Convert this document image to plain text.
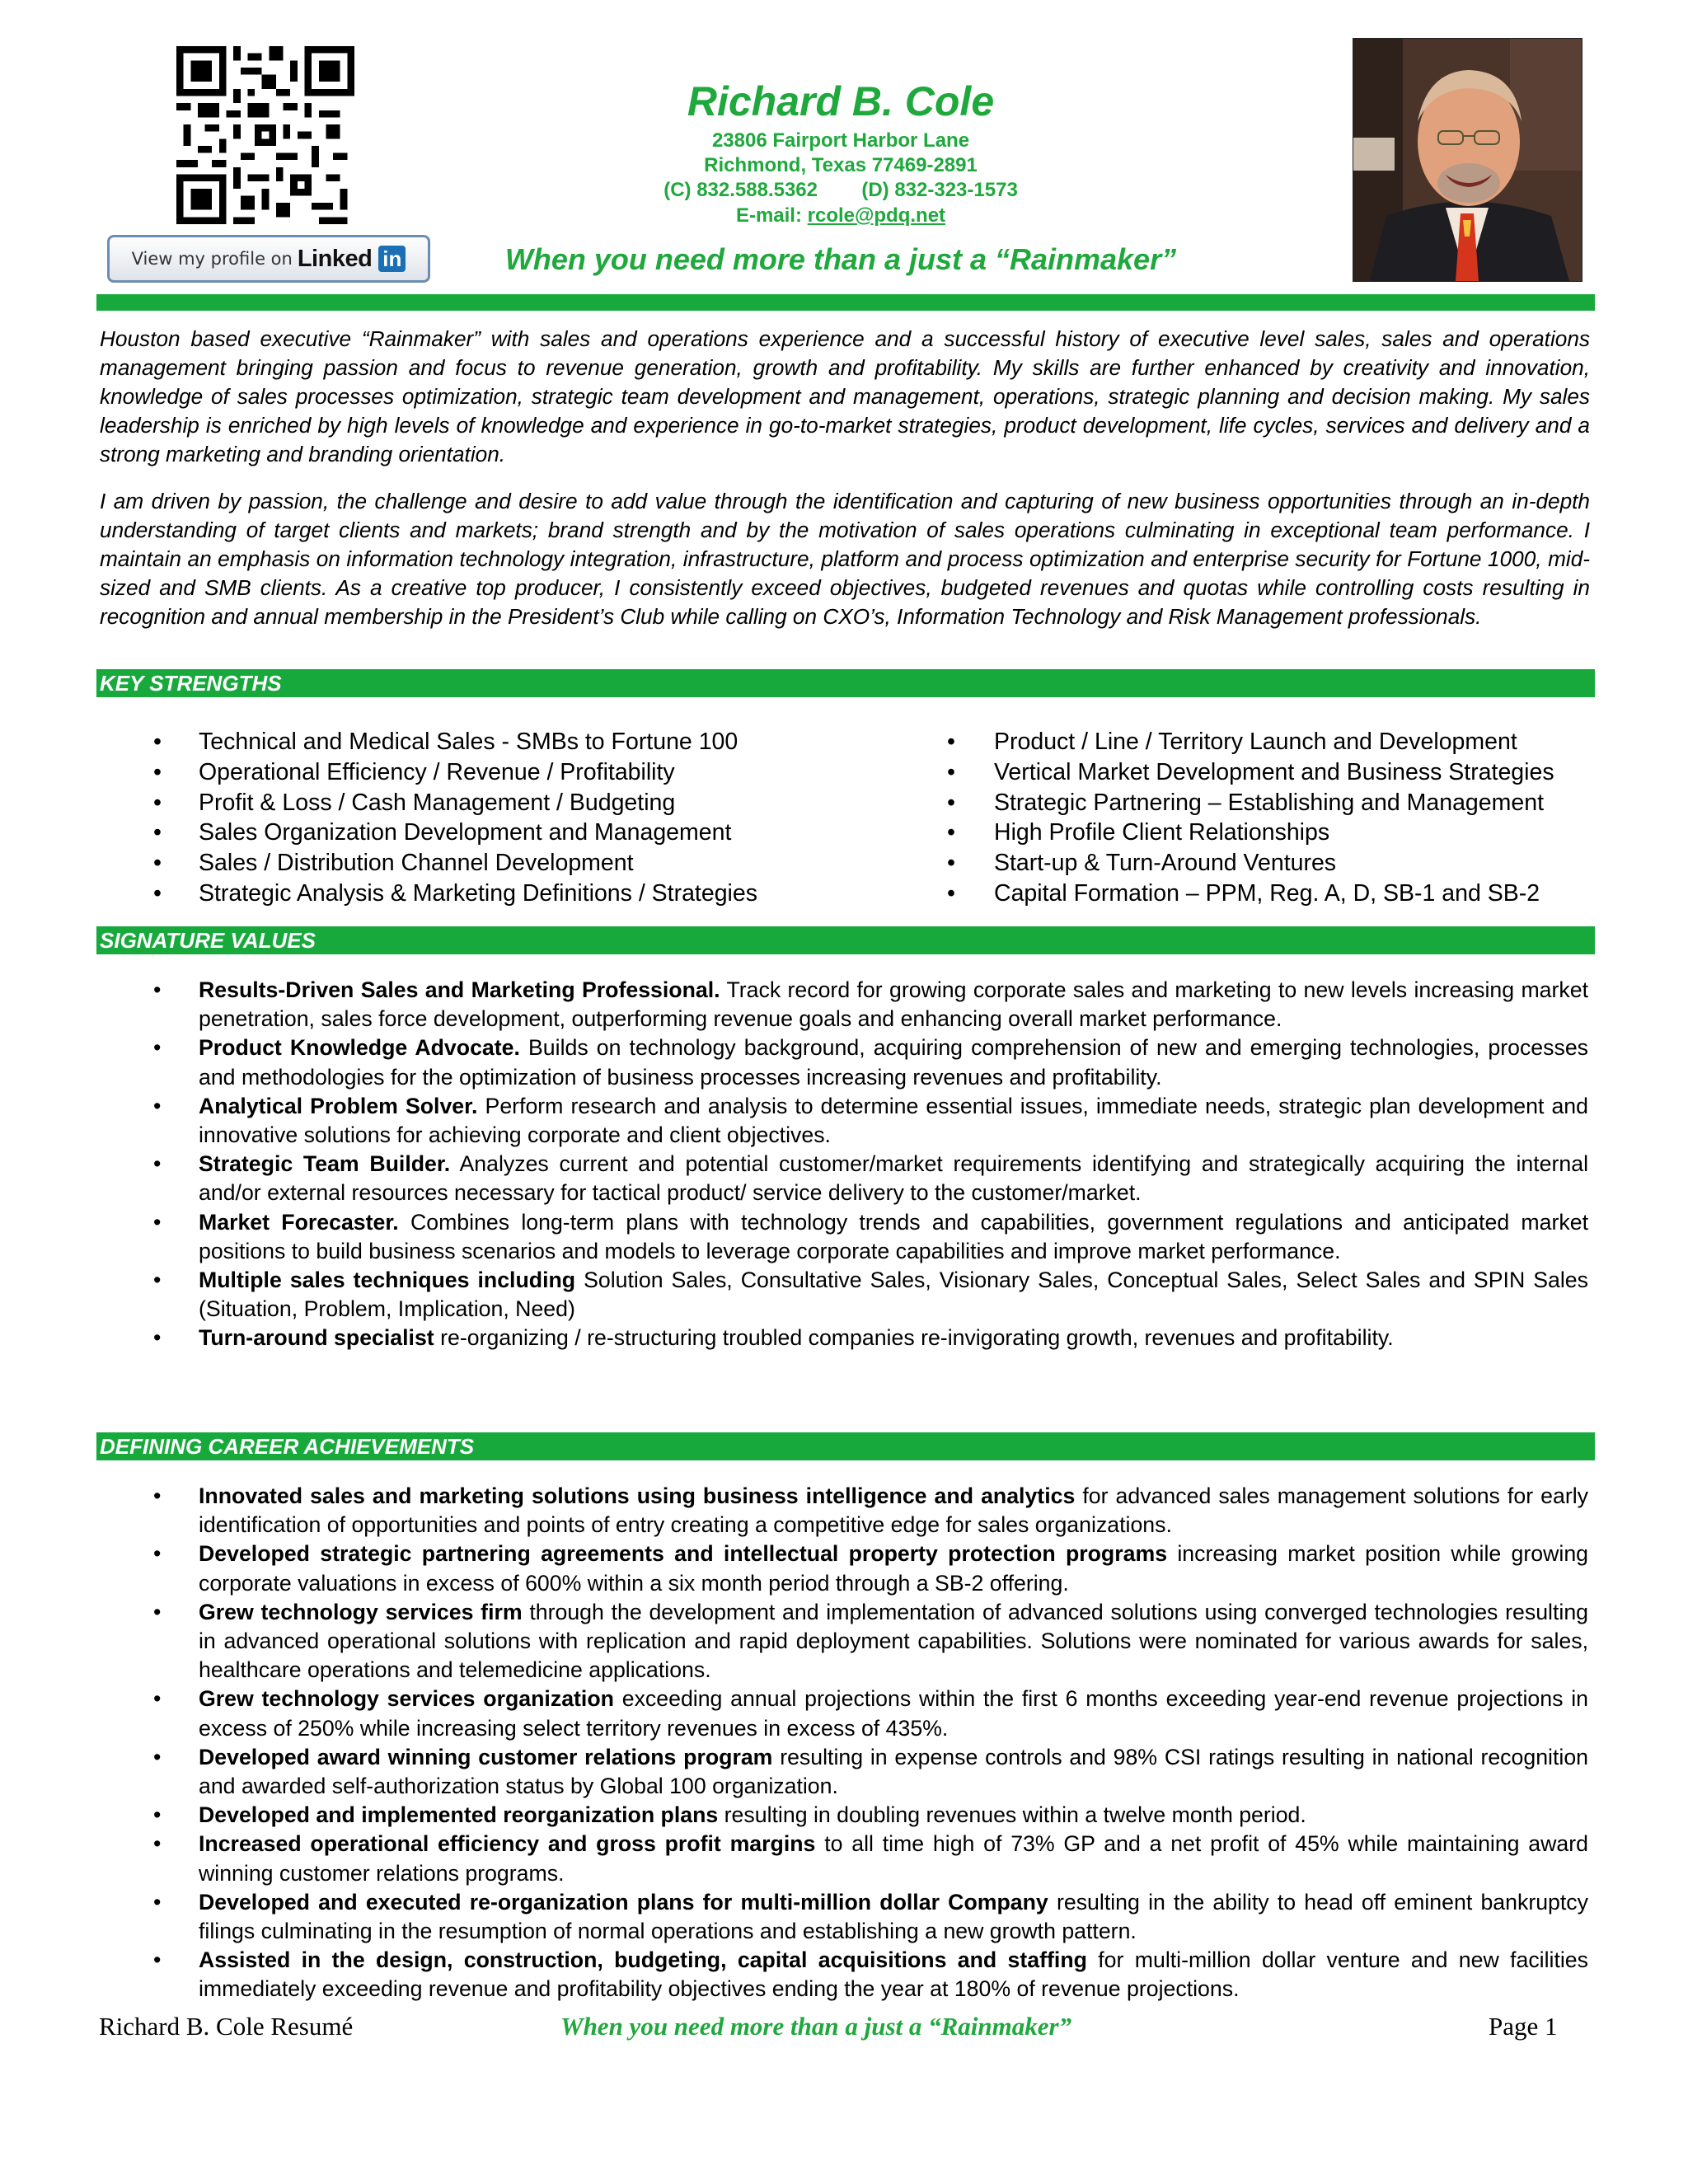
View my profile on Linked in
Richard B. Cole
23806 Fairport Harbor Lane
Richmond, Texas 77469-2891
(C) 832.588.5362        (D) 832-323-1573
E-mail: rcole@pdq.net
When you need more than a just a “Rainmaker”

Houston based executive “Rainmaker” with sales and operations experience and a successful history of executive level sales, sales and operations management bringing passion and focus to revenue generation, growth and profitability. My skills are further enhanced by creativity and innovation, knowledge of sales processes optimization, strategic team development and management, operations, strategic planning and decision making. My sales leadership is enriched by high levels of knowledge and experience in go-to-market strategies, product development, life cycles, services and delivery and a strong marketing and branding orientation.

I am driven by passion, the challenge and desire to add value through the identification and capturing of new business opportunities through an in-depth understanding of target clients and markets; brand strength and by the motivation of sales operations culminating in exceptional team performance. I maintain an emphasis on information technology integration, infrastructure, platform and process optimization and enterprise security for Fortune 1000, mid-sized and SMB clients. As a creative top producer, I consistently exceed objectives, budgeted revenues and quotas while controlling costs resulting in recognition and annual membership in the President’s Club while calling on CXO’s, Information Technology and Risk Management professionals.

KEY STRENGTHS
• Technical and Medical Sales - SMBs to Fortune 100
• Operational Efficiency / Revenue / Profitability
• Profit & Loss / Cash Management / Budgeting
• Sales Organization Development and Management
• Sales / Distribution Channel Development
• Strategic Analysis & Marketing Definitions / Strategies
• Product / Line / Territory Launch and Development
• Vertical Market Development and Business Strategies
• Strategic Partnering – Establishing and Management
• High Profile Client Relationships
• Start-up & Turn-Around Ventures
• Capital Formation – PPM, Reg. A, D, SB-1 and SB-2
SIGNATURE VALUES
• Results-Driven Sales and Marketing Professional. Track record for growing corporate sales and marketing to new levels increasing market penetration, sales force development, outperforming revenue goals and enhancing overall market performance.
• Product Knowledge Advocate. Builds on technology background, acquiring comprehension of new and emerging technologies, processes and methodologies for the optimization of business processes increasing revenues and profitability.
• Analytical Problem Solver. Perform research and analysis to determine essential issues, immediate needs, strategic plan development and innovative solutions for achieving corporate and client objectives.
• Strategic Team Builder. Analyzes current and potential customer/market requirements identifying and strategically acquiring the internal and/or external resources necessary for tactical product/ service delivery to the customer/market.
• Market Forecaster. Combines long-term plans with technology trends and capabilities, government regulations and anticipated market positions to build business scenarios and models to leverage corporate capabilities and improve market performance.
• Multiple sales techniques including Solution Sales, Consultative Sales, Visionary Sales, Conceptual Sales, Select Sales and SPIN Sales (Situation, Problem, Implication, Need)
• Turn-around specialist re-organizing / re-structuring troubled companies re-invigorating growth, revenues and profitability.
DEFINING CAREER ACHIEVEMENTS
• Innovated sales and marketing solutions using business intelligence and analytics for advanced sales management solutions for early identification of opportunities and points of entry creating a competitive edge for sales organizations.
• Developed strategic partnering agreements and intellectual property protection programs increasing market position while growing corporate valuations in excess of 600% within a six month period through a SB-2 offering.
• Grew technology services firm through the development and implementation of advanced solutions using converged technologies resulting in advanced operational solutions with replication and rapid deployment capabilities. Solutions were nominated for various awards for sales, healthcare operations and telemedicine applications.
• Grew technology services organization exceeding annual projections within the first 6 months exceeding year-end revenue projections in excess of 250% while increasing select territory revenues in excess of 435%.
• Developed award winning customer relations program resulting in expense controls and 98% CSI ratings resulting in national recognition and awarded self-authorization status by Global 100 organization.
• Developed and implemented reorganization plans resulting in doubling revenues within a twelve month period.
• Increased operational efficiency and gross profit margins to all time high of 73% GP and a net profit of 45% while maintaining award winning customer relations programs.
• Developed and executed re-organization plans for multi-million dollar Company resulting in the ability to head off eminent bankruptcy filings culminating in the resumption of normal operations and establishing a new growth pattern.
• Assisted in the design, construction, budgeting, capital acquisitions and staffing for multi-million dollar venture and new facilities immediately exceeding revenue and profitability objectives ending the year at 180% of revenue projections.
Richard B. Cole Resumé	When you need more than a just a “Rainmaker”	Page 1
